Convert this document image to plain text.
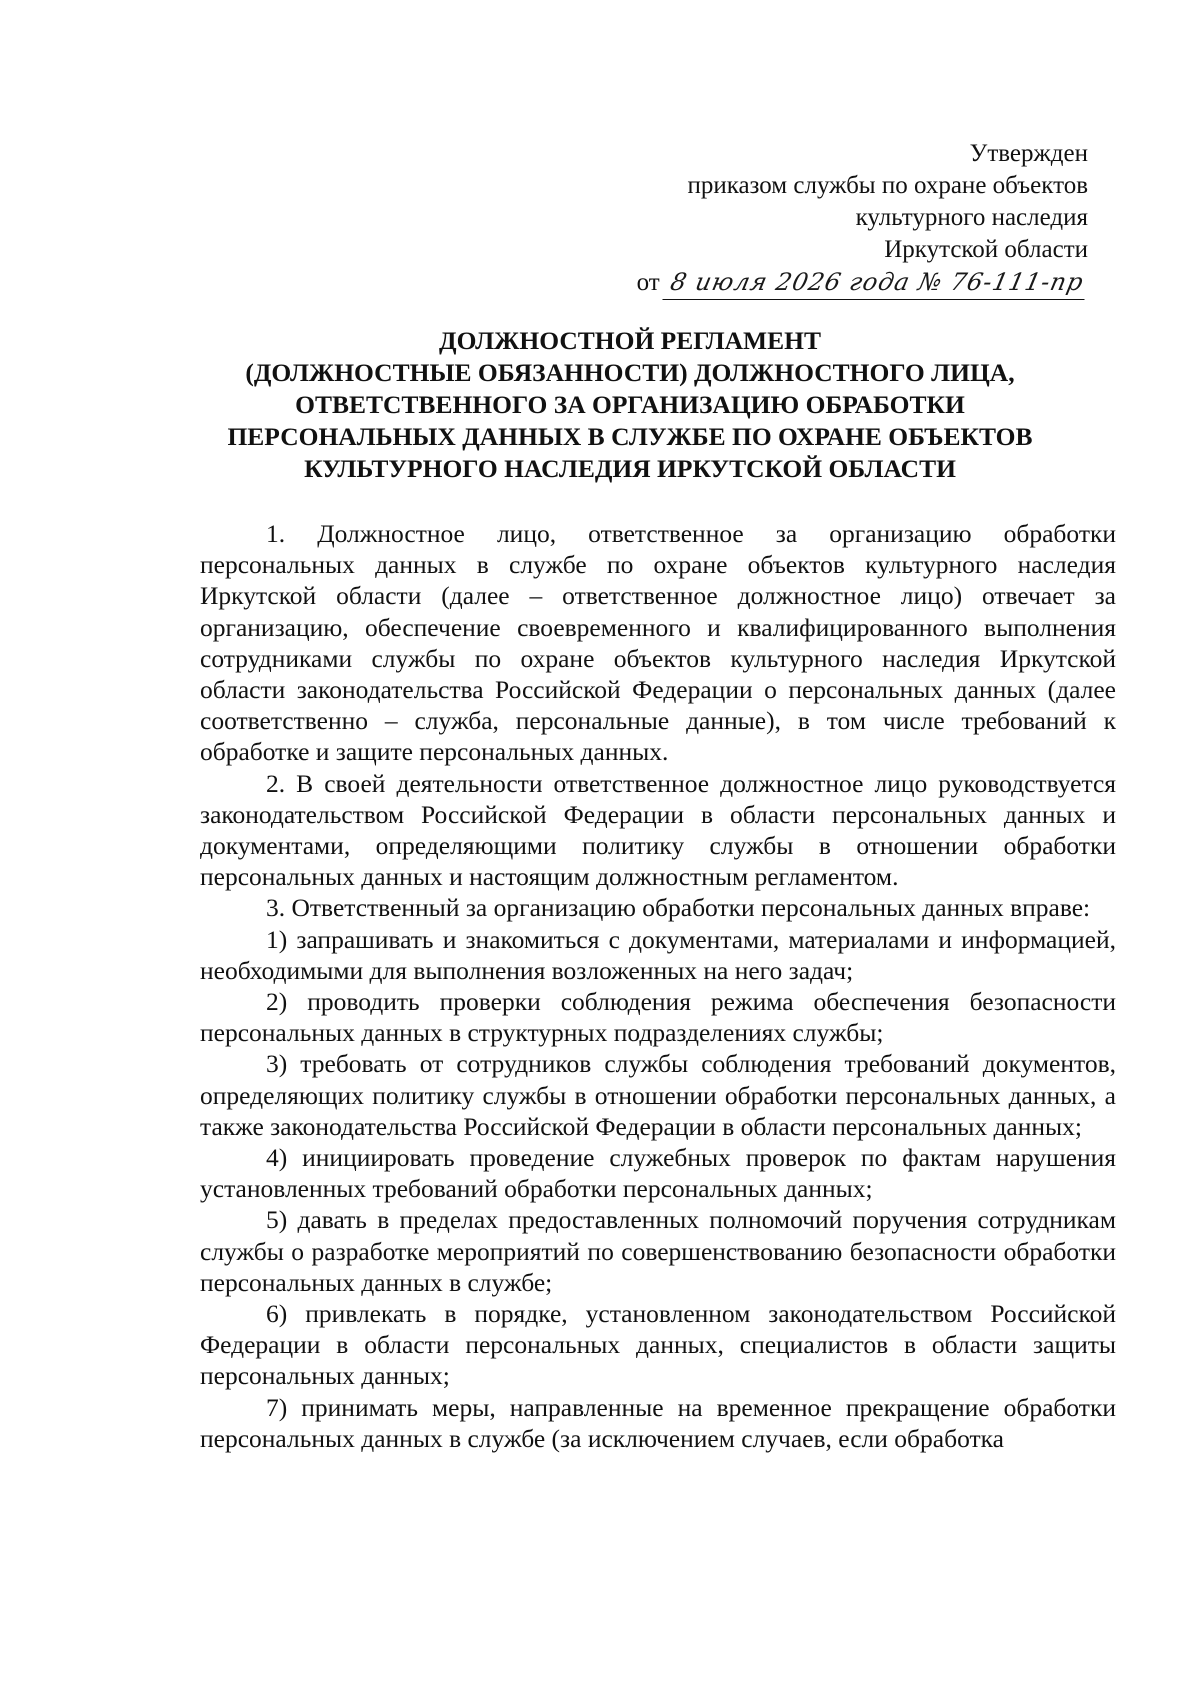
Утвержден
приказом службы по охране объектов
культурного наследия
Иркутской области
от 8 июля 2026 года № 76-111-пр
ДОЛЖНОСТНОЙ РЕГЛАМЕНТ
(ДОЛЖНОСТНЫЕ ОБЯЗАННОСТИ) ДОЛЖНОСТНОГО ЛИЦА,
ОТВЕТСТВЕННОГО ЗА ОРГАНИЗАЦИЮ ОБРАБОТКИ
ПЕРСОНАЛЬНЫХ ДАННЫХ В СЛУЖБЕ ПО ОХРАНЕ ОБЪЕКТОВ
КУЛЬТУРНОГО НАСЛЕДИЯ ИРКУТСКОЙ ОБЛАСТИ

1. Должностное лицо, ответственное за организацию обработки персональных данных в службе по охране объектов культурного наследия Иркутской области (далее – ответственное должностное лицо) отвечает за организацию, обеспечение своевременного и квалифицированного выполнения сотрудниками службы по охране объектов культурного наследия Иркутской области законодательства Российской Федерации о персональных данных (далее соответственно – служба, персональные данные), в том числе требований к обработке и защите персональных данных.

2. В своей деятельности ответственное должностное лицо руководствуется законодательством Российской Федерации в области персональных данных и документами, определяющими политику службы в отношении обработки персональных данных и настоящим должностным регламентом.

3. Ответственный за организацию обработки персональных данных вправе:

1) запрашивать и знакомиться с документами, материалами и информацией, необходимыми для выполнения возложенных на него задач;

2) проводить проверки соблюдения режима обеспечения безопасности персональных данных в структурных подразделениях службы;

3) требовать от сотрудников службы соблюдения требований документов, определяющих политику службы в отношении обработки персональных данных, а также законодательства Российской Федерации в области персональных данных;

4) инициировать проведение служебных проверок по фактам нарушения установленных требований обработки персональных данных;

5) давать в пределах предоставленных полномочий поручения сотрудникам службы о разработке мероприятий по совершенствованию безопасности обработки персональных данных в службе;

6) привлекать в порядке, установленном законодательством Российской Федерации в области персональных данных, специалистов в области защиты персональных данных;

7) принимать меры, направленные на временное прекращение обработки персональных данных в службе (за исключением случаев, если обработка
